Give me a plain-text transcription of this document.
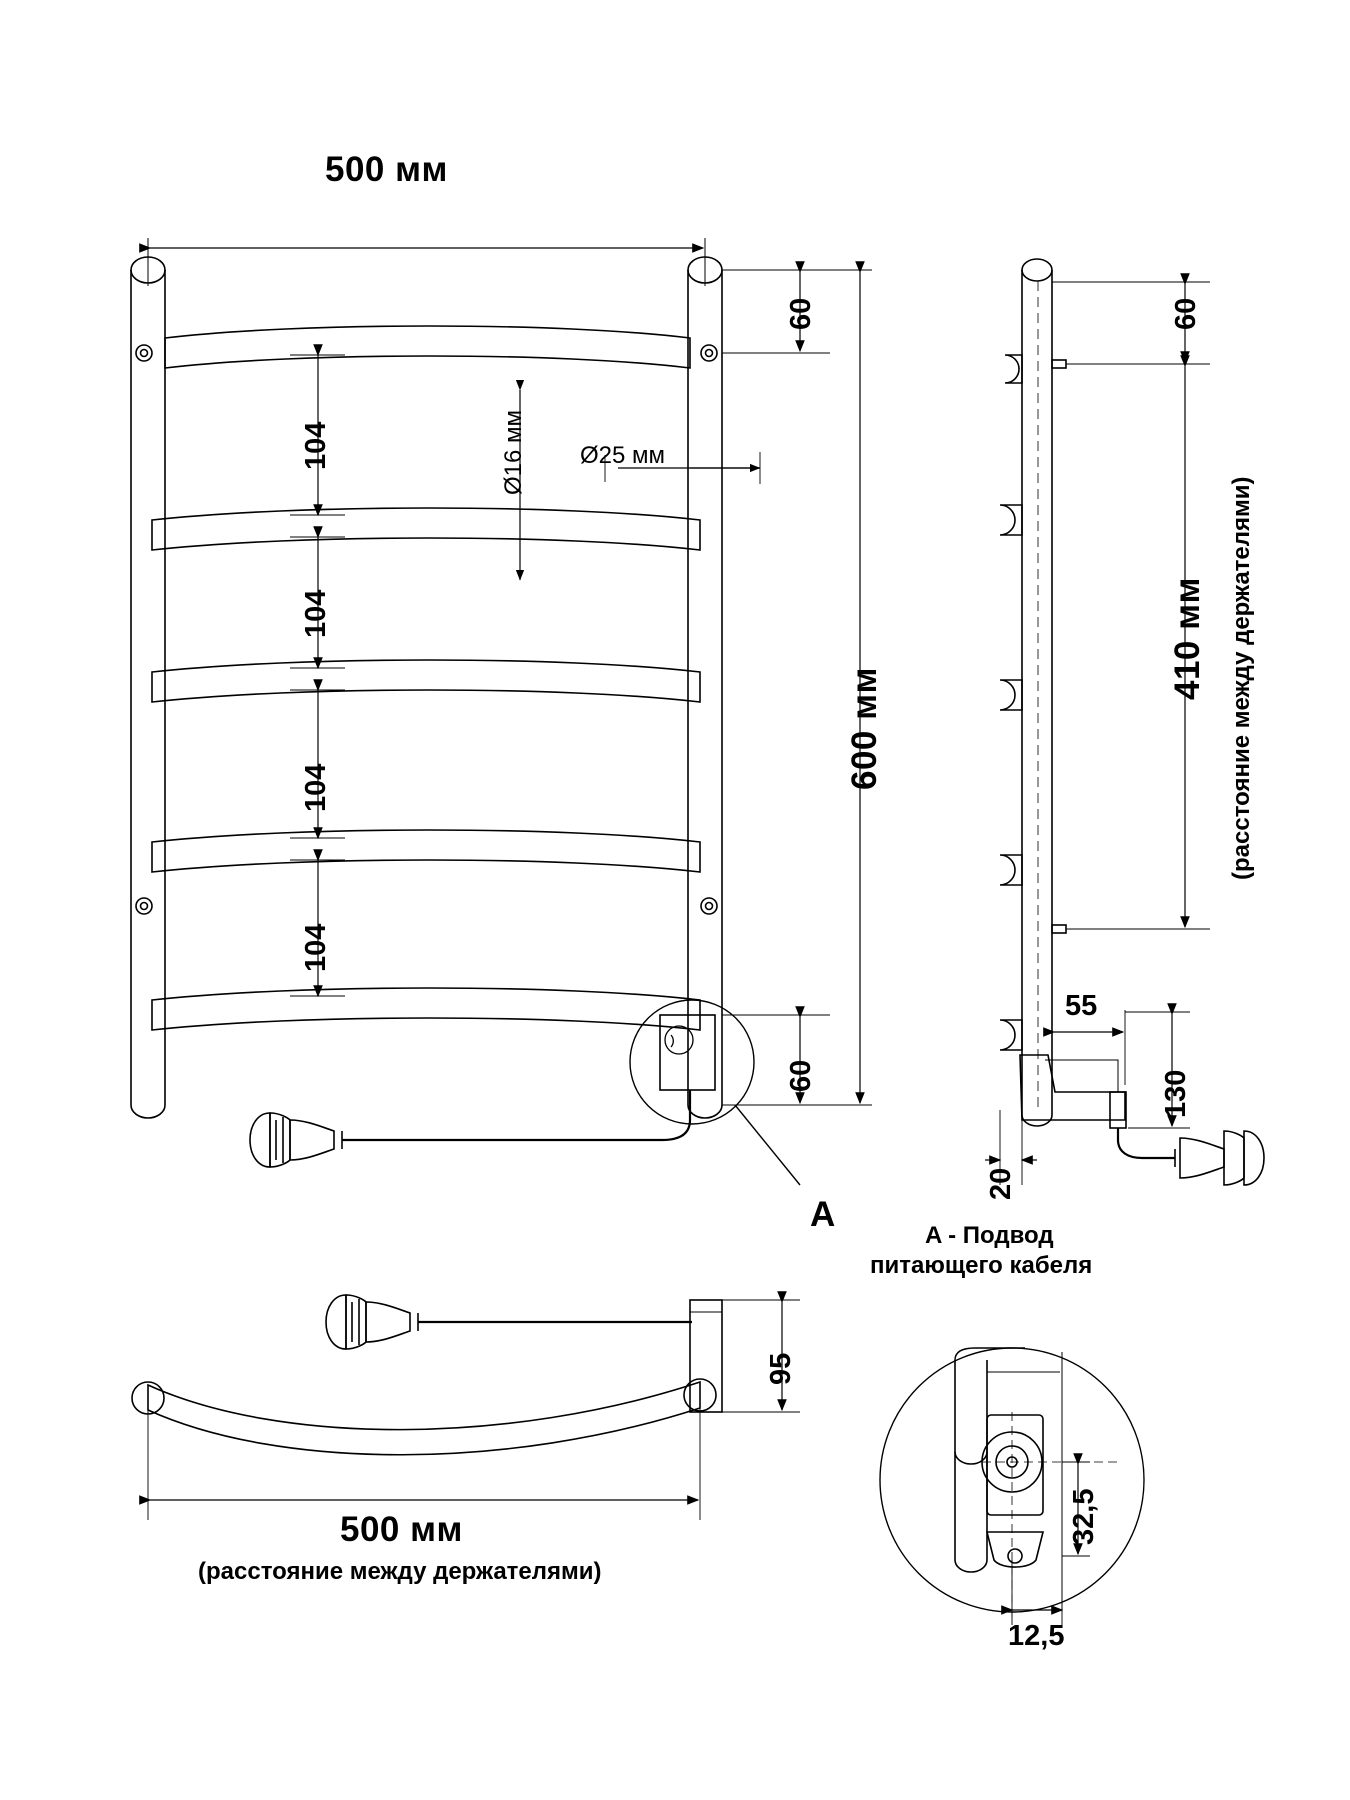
500 мм
600 мм
60
60
104
104
104
104
Ø16 мм Ø25 мм
A
60
410 мм (расстояние между держателями)
55
130
20
95
500 мм
(расстояние между держателями)
A - Подвод
питающего кабеля
32,5
12,5
